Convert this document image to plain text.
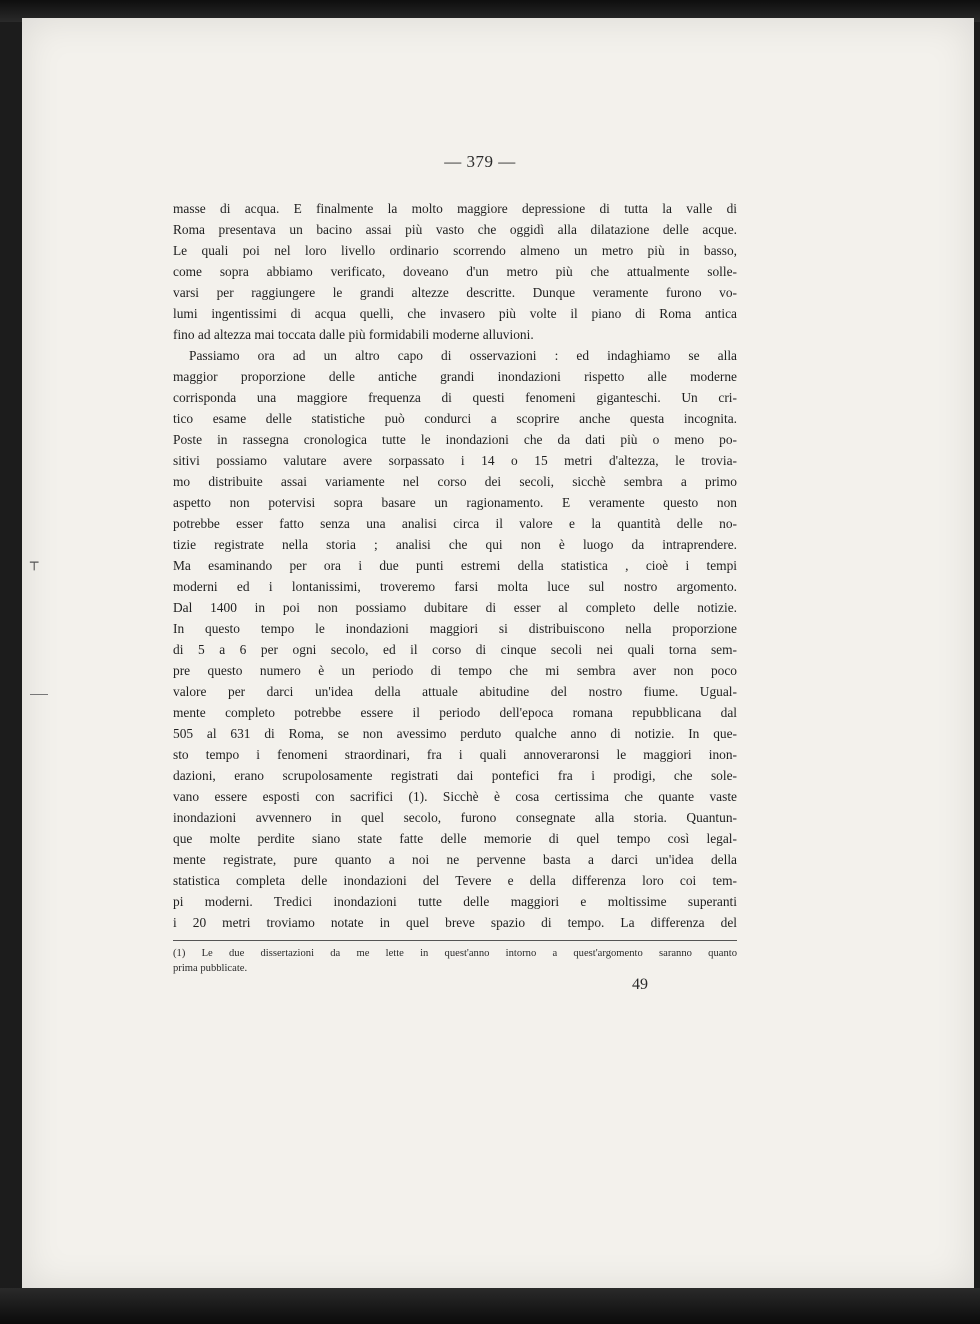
┬
— 379 —
masse di acqua. E finalmente la molto maggiore depressione di tutta la valle di
Roma presentava un bacino assai più vasto che oggidì alla dilatazione delle acque.
Le quali poi nel loro livello ordinario scorrendo almeno un metro più in basso,
come sopra abbiamo verificato, doveano d'un metro più che attualmente solle-
varsi per raggiungere le grandi altezze descritte. Dunque veramente furono vo-
lumi ingentissimi di acqua quelli, che invasero più volte il piano di Roma antica
fino ad altezza mai toccata dalle più formidabili moderne alluvioni.
Passiamo ora ad un altro capo di osservazioni : ed indaghiamo se alla
maggior proporzione delle antiche grandi inondazioni rispetto alle moderne
corrisponda una maggiore frequenza di questi fenomeni giganteschi. Un cri-
tico esame delle statistiche può condurci a scoprire anche questa incognita.
Poste in rassegna cronologica tutte le inondazioni che da dati più o meno po-
sitivi possiamo valutare avere sorpassato i 14 o 15 metri d'altezza, le trovia-
mo distribuite assai variamente nel corso dei secoli, sicchè sembra a primo
aspetto non potervisi sopra basare un ragionamento. E veramente questo non
potrebbe esser fatto senza una analisi circa il valore e la quantità delle no-
tizie registrate nella storia ; analisi che qui non è luogo da intraprendere.
Ma esaminando per ora i due punti estremi della statistica , cioè i tempi
moderni ed i lontanissimi, troveremo farsi molta luce sul nostro argomento.
Dal 1400 in poi non possiamo dubitare di esser al completo delle notizie.
In questo tempo le inondazioni maggiori si distribuiscono nella proporzione
di 5 a 6 per ogni secolo, ed il corso di cinque secoli nei quali torna sem-
pre questo numero è un periodo di tempo che mi sembra aver non poco
valore per darci un'idea della attuale abitudine del nostro fiume. Ugual-
mente completo potrebbe essere il periodo dell'epoca romana repubblicana dal
505 al 631 di Roma, se non avessimo perduto qualche anno di notizie. In que-
sto tempo i fenomeni straordinari, fra i quali annoveraronsi le maggiori inon-
dazioni, erano scrupolosamente registrati dai pontefici fra i prodigi, che sole-
vano essere esposti con sacrifici (1). Sicchè è cosa certissima che quante vaste
inondazioni avvennero in quel secolo, furono consegnate alla storia. Quantun-
que molte perdite siano state fatte delle memorie di quel tempo così legal-
mente registrate, pure quanto a noi ne pervenne basta a darci un'idea della
statistica completa delle inondazioni del Tevere e della differenza loro coi tem-
pi moderni. Tredici inondazioni tutte delle maggiori e moltissime superanti
i 20 metri troviamo notate in quel breve spazio di tempo. La differenza del
(1) Le due dissertazioni da me lette in quest'anno intorno a quest'argomento saranno quanto
prima pubblicate.
49
